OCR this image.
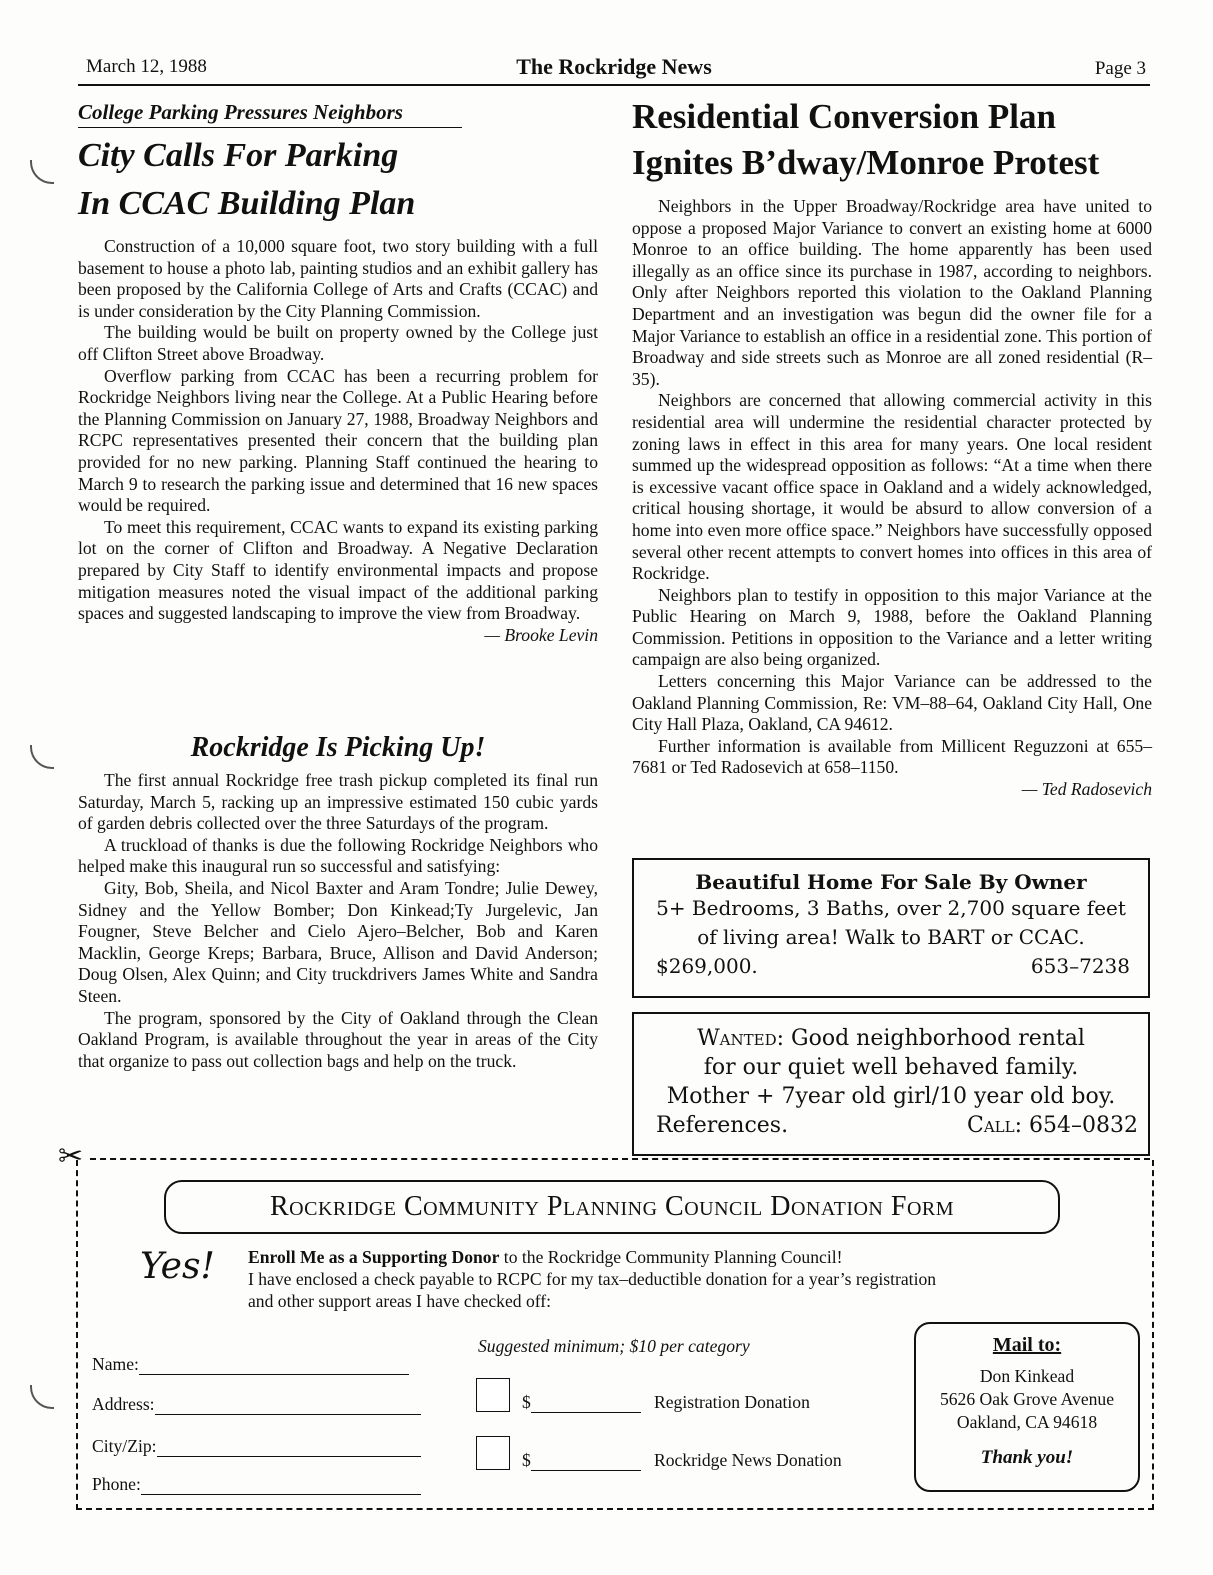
March 12, 1988	The Rockridge News	Page 3
College Parking Pressures Neighbors
City Calls For Parking
In CCAC Building Plan

Construction of a 10,000 square foot, two story building with a full basement to house a photo lab, painting studios and an exhibit gallery has been proposed by the California College of Arts and Crafts (CCAC) and is under consideration by the City Planning Commission.

The building would be built on property owned by the College just off Clifton Street above Broadway.

Overflow parking from CCAC has been a recurring problem for Rockridge Neighbors living near the College. At a Public Hearing before the Planning Commission on January 27, 1988, Broadway Neighbors and RCPC representatives presented their concern that the building plan provided for no new parking. Planning Staff continued the hearing to March 9 to research the parking issue and determined that 16 new spaces would be required.

To meet this requirement, CCAC wants to expand its existing parking lot on the corner of Clifton and Broadway. A Negative Declaration prepared by City Staff to identify environmental impacts and propose mitigation measures noted the visual impact of the additional parking spaces and suggested landscaping to improve the view from Broadway.

— Brooke Levin
Rockridge Is Picking Up!

The first annual Rockridge free trash pickup completed its final run Saturday, March 5, racking up an impressive estimated 150 cubic yards of garden debris collected over the three Saturdays of the program.

A truckload of thanks is due the following Rockridge Neighbors who helped make this inaugural run so successful and satisfying:

Gity, Bob, Sheila, and Nicol Baxter and Aram Tondre; Julie Dewey, Sidney and the Yellow Bomber; Don Kinkead;Ty Jurgelevic, Jan Fougner, Steve Belcher and Cielo Ajero–Belcher, Bob and Karen Macklin, George Kreps; Barbara, Bruce, Allison and David Anderson; Doug Olsen, Alex Quinn; and City truckdrivers James White and Sandra Steen.

The program, sponsored by the City of Oakland through the Clean Oakland Program, is available throughout the year in areas of the City that organize to pass out collection bags and help on the truck.

Residential Conversion Plan
Ignites B’dway/Monroe Protest

Neighbors in the Upper Broadway/Rockridge area have united to oppose a proposed Major Variance to convert an existing home at 6000 Monroe to an office building. The home apparently has been used illegally as an office since its purchase in 1987, according to neighbors. Only after Neighbors reported this violation to the Oakland Planning Department and an investigation was begun did the owner file for a Major Variance to establish an office in a residential zone. This portion of Broadway and side streets such as Monroe are all zoned residential (R–35).

Neighbors are concerned that allowing commercial activity in this residential area will undermine the residential character protected by zoning laws in effect in this area for many years. One local resident summed up the widespread opposition as follows: “At a time when there is excessive vacant office space in Oakland and a widely acknowledged, critical housing shortage, it would be absurd to allow conversion of a home into even more office space.” Neighbors have successfully opposed several other recent attempts to convert homes into offices in this area of Rockridge.

Neighbors plan to testify in opposition to this major Variance at the Public Hearing on March 9, 1988, before the Oakland Planning Commission. Petitions in opposition to the Variance and a letter writing campaign are also being organized.

Letters concerning this Major Variance can be addressed to the Oakland Planning Commission, Re: VM–88–64, Oakland City Hall, One City Hall Plaza, Oakland, CA 94612.

Further information is available from Millicent Reguzzoni at 655–7681 or Ted Radosevich at 658–1150.

— Ted Radosevich
Beautiful Home For Sale By Owner
5+ Bedrooms, 3 Baths, over 2,700 square feet
of living area! Walk to BART or CCAC.
$269,000.	653–7238
Wanted: Good neighborhood rental
for our quiet well behaved family.
Mother + 7year old girl/10 year old boy.
References.	Call: 654–0832
✂
Rockridge Community Planning Council Donation Form
Yes! Enroll Me as a Supporting Donor to the Rockridge Community Planning Council!
I have enclosed a check payable to RCPC for my tax–deductible donation for a year’s registration
and other support areas I have checked off:
Suggested minimum; $10 per category
Name:
Address:
City/Zip:
Phone:
$	Registration Donation
$	Rockridge News Donation
Mail to:
Don Kinkead
5626 Oak Grove Avenue
Oakland, CA 94618
Thank you!
